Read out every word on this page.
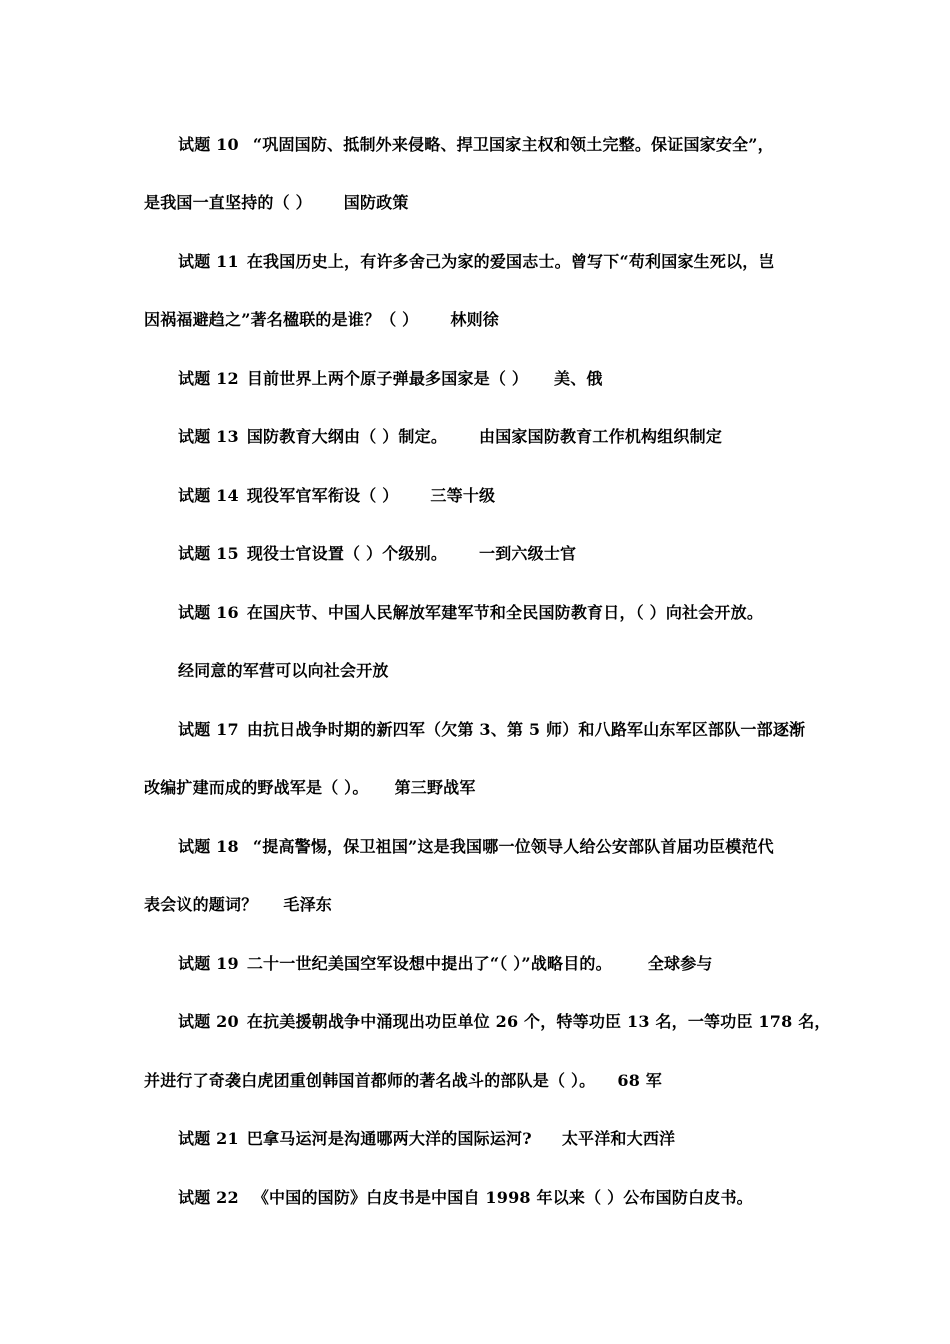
试题 10 “巩固国防、抵制外来侵略、捍卫国家主权和领土完整。保证国家安全”，
是我国一直坚持的（ ） 国防政策
试题 11 在我国历史上，有许多舍己为家的爱国志士。曾写下“苟利国家生死以，岂
因祸福避趋之”著名楹联的是谁？（ ） 林则徐
试题 12 目前世界上两个原子弹最多国家是（ ） 美、俄
试题 13 国防教育大纲由（ ）制定。 由国家国防教育工作机构组织制定
试题 14 现役军官军衔设（ ） 三等十级
试题 15 现役士官设置（ ）个级别。 一到六级士官
试题 16 在国庆节、中国人民解放军建军节和全民国防教育日，（ ）向社会开放。
经同意的军营可以向社会开放
试题 17 由抗日战争时期的新四军（欠第 3、第 5 师）和八路军山东军区部队一部逐渐
改编扩建而成的野战军是（ ）。 第三野战军
试题 18 “提高警惕，保卫祖国”这是我国哪一位领导人给公安部队首届功臣模范代
表会议的题词？ 毛泽东
试题 19 二十一世纪美国空军设想中提出了“（ ）”战略目的。 全球参与
试题 20 在抗美援朝战争中涌现出功臣单位 26 个，特等功臣 13 名，一等功臣 178 名，
并进行了奇袭白虎团重创韩国首都师的著名战斗的部队是（ ）。 68 军
试题 21 巴拿马运河是沟通哪两大洋的国际运河? 太平洋和大西洋
试题 22 《中国的国防》白皮书是中国自 1998 年以来（ ）公布国防白皮书。
